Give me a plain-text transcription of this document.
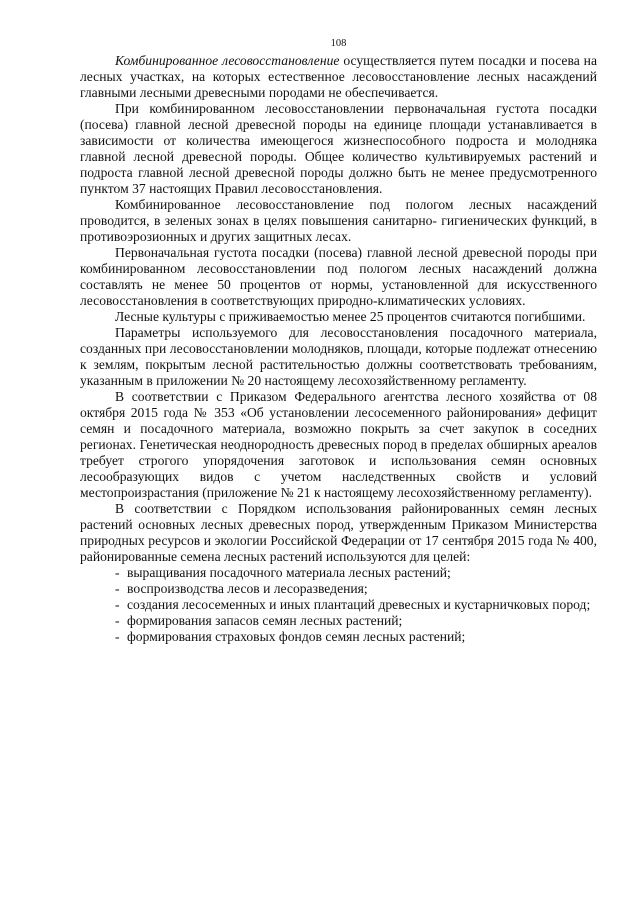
108

Комбинированное лесовосстановление осуществляется путем посадки и посева на лесных участках, на которых естественное лесовосстановление лесных насаждений главными лесными древесными породами не обеспечивается.

При комбинированном лесовосстановлении первоначальная густота посадки (посева) главной лесной древесной породы на единице площади устанавливается в зависимости от количества имеющегося жизнеспособного подроста и молодняка главной лесной древесной породы. Общее количество культивируемых растений и подроста главной лесной древесной породы должно быть не менее предусмотренного пунктом 37 настоящих Правил лесовосстановления.

Комбинированное лесовосстановление под пологом лесных насаждений проводится, в зеленых зонах в целях повышения санитарно- гигиенических функций, в противоэрозионных и других защитных лесах.

Первоначальная густота посадки (посева) главной лесной древесной породы при комбинированном лесовосстановлении под пологом лесных насаждений должна составлять не менее 50 процентов от нормы, установленной для искусственного лесовосстановления в соответствующих природно-климатических условиях.

Лесные культуры с приживаемостью менее 25 процентов считаются погибшими.

Параметры используемого для лесовосстановления посадочного материала, созданных при лесовосстановлении молодняков, площади, которые подлежат отнесению к землям, покрытым лесной растительностью должны соответствовать требованиям, указанным в приложении № 20 настоящему лесохозяйственному регламенту.

В соответствии с Приказом Федерального агентства лесного хозяйства от 08 октября 2015 года № 353 «Об установлении лесосеменного районирования» дефицит семян и посадочного материала, возможно покрыть за счет закупок в соседних регионах. Генетическая неоднородность древесных пород в пределах обширных ареалов требует строгого упорядочения заготовок и использования семян основных лесообразующих видов с учетом наследственных свойств и условий местопроизрастания (приложение № 21 к настоящему лесохозяйственному регламенту).

В соответствии с Порядком использования районированных семян лесных растений основных лесных древесных пород, утвержденным Приказом Министерства природных ресурсов и экологии Российской Федерации от 17 сентября 2015 года № 400, районированные семена лесных растений используются для целей:

- выращивания посадочного материала лесных растений;
- воспроизводства лесов и лесоразведения;
- создания лесосеменных и иных плантаций древесных и кустарничковых пород;
- формирования запасов семян лесных растений;
- формирования страховых фондов семян лесных растений;
